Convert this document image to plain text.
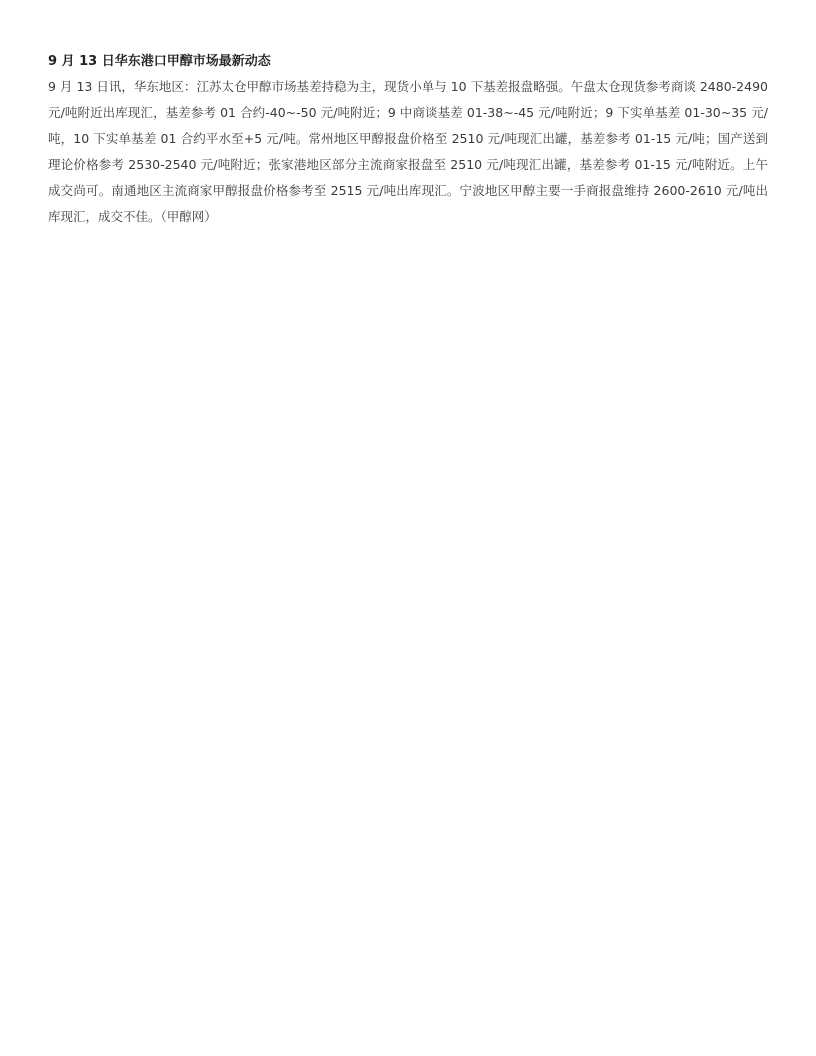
9 月 13 日华东港口甲醇市场最新动态

9 月 13 日讯，华东地区：江苏太仓甲醇市场基差持稳为主，现货小单与 10 下基差报盘略强。午盘太仓现货参考商谈 2480-2490 元/吨附近出库现汇，基差参考 01 合约-40~-50 元/吨附近；9 中商谈基差 01-38~-45 元/吨附近；9 下实单基差 01-30~35 元/吨，10 下实单基差 01 合约平水至+5 元/吨。常州地区甲醇报盘价格至 2510 元/吨现汇出罐，基差参考 01-15 元/吨；国产送到理论价格参考 2530-2540 元/吨附近；张家港地区部分主流商家报盘至 2510 元/吨现汇出罐，基差参考 01-15 元/吨附近。上午成交尚可。南通地区主流商家甲醇报盘价格参考至 2515 元/吨出库现汇。宁波地区甲醇主要一手商报盘维持 2600-2610 元/吨出库现汇，成交不佳。（甲醇网）
